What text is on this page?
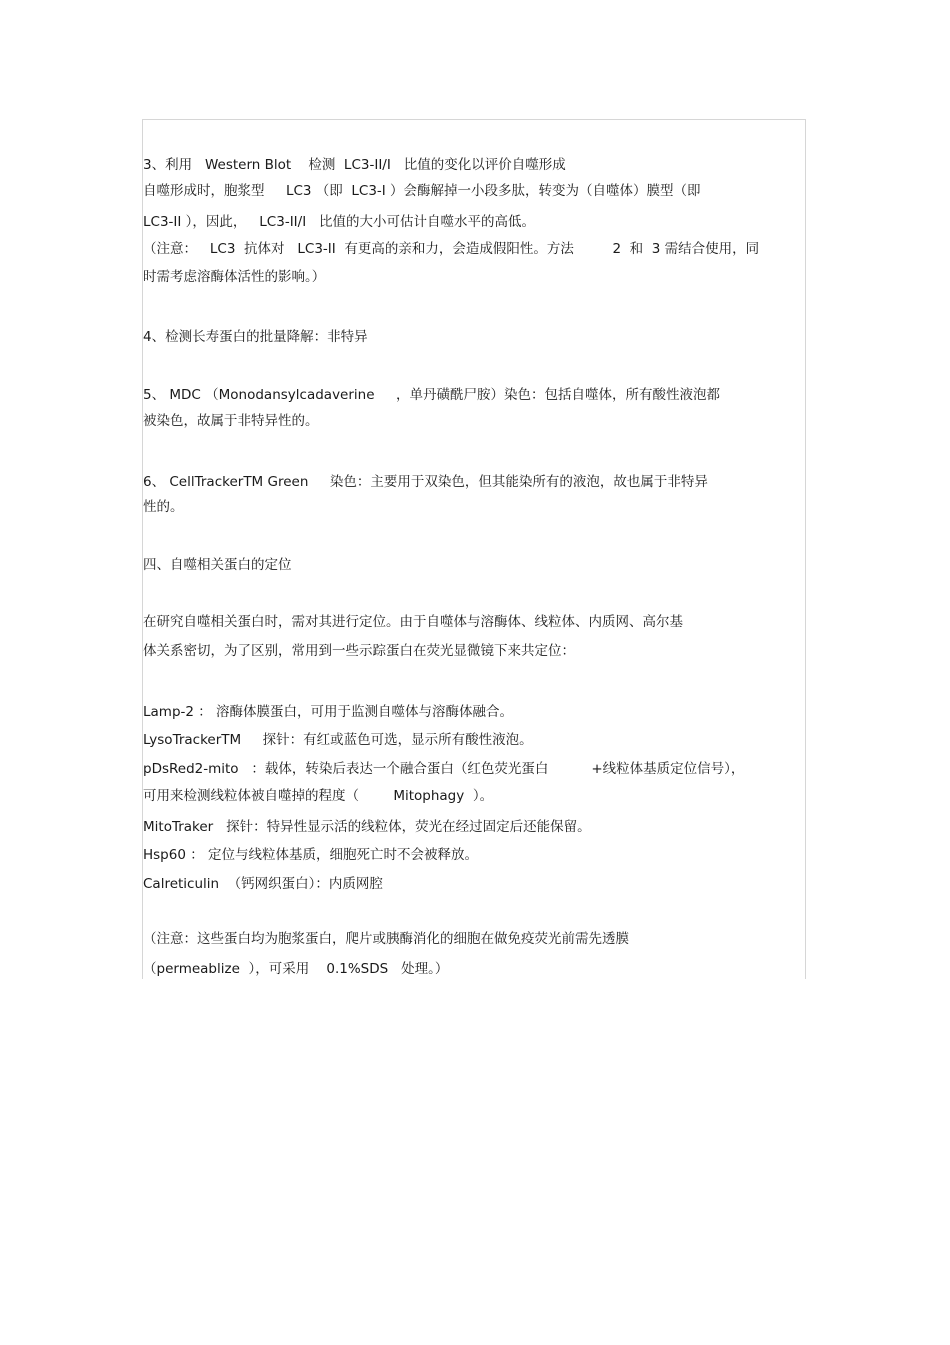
3、利用   Western Blot    检测  LC3-II/I   比值的变化以评价自噬形成
自噬形成时，胞浆型     LC3 （即  LC3-I ）会酶解掉一小段多肽，转变为（自噬体）膜型（即
LC3-II ），因此，   LC3-II/I   比值的大小可估计自噬水平的高低。
（注意：   LC3  抗体对   LC3-II  有更高的亲和力，会造成假阳性。方法         2  和  3 需结合使用，同
时需考虑溶酶体活性的影响。）
4、检测长寿蛋白的批量降解：非特异
5、 MDC （Monodansylcadaverine     ，单丹磺酰尸胺）染色：包括自噬体，所有酸性液泡都
被染色，故属于非特异性的。
6、 CellTrackerTM Green     染色：主要用于双染色，但其能染所有的液泡，故也属于非特异
性的。
四、自噬相关蛋白的定位
在研究自噬相关蛋白时，需对其进行定位。由于自噬体与溶酶体、线粒体、内质网、高尔基
体关系密切，为了区别，常用到一些示踪蛋白在荧光显微镜下来共定位：
Lamp-2 ： 溶酶体膜蛋白，可用于监测自噬体与溶酶体融合。
LysoTrackerTM     探针：有红或蓝色可选，显示所有酸性液泡。
pDsRed2-mito   ：载体，转染后表达一个融合蛋白（红色荧光蛋白          +线粒体基质定位信号），
可用来检测线粒体被自噬掉的程度（        Mitophagy  ）。
MitoTraker   探针：特异性显示活的线粒体，荧光在经过固定后还能保留。
Hsp60 ： 定位与线粒体基质，细胞死亡时不会被释放。
Calreticulin  （钙网织蛋白）：内质网腔
（注意：这些蛋白均为胞浆蛋白，爬片或胰酶消化的细胞在做免疫荧光前需先透膜
（permeablize  ），可采用    0.1%SDS   处理。）
